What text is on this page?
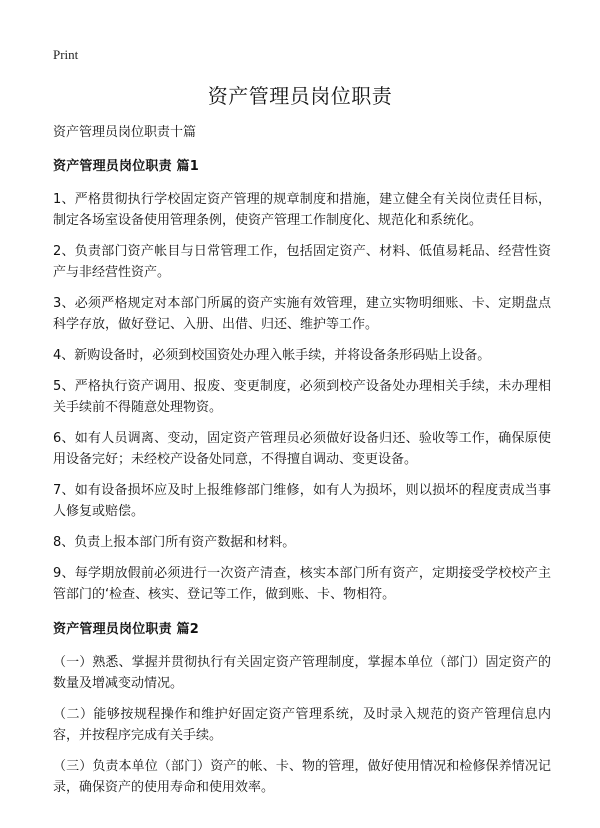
Print
资产管理员岗位职责
资产管理员岗位职责十篇
资产管理员岗位职责 篇1

1、严格贯彻执行学校固定资产管理的规章制度和措施，建立健全有关岗位责任目标，制定各场室设备使用管理条例，使资产管理工作制度化、规范化和系统化。

2、负责部门资产帐目与日常管理工作，包括固定资产、材料、低值易耗品、经营性资产与非经营性资产。

3、必须严格规定对本部门所属的资产实施有效管理，建立实物明细账、卡、定期盘点科学存放，做好登记、入册、出借、归还、维护等工作。

4、新购设备时，必须到校国资处办理入帐手续，并将设备条形码贴上设备。

5、严格执行资产调用、报废、变更制度，必须到校产设备处办理相关手续，未办理相关手续前不得随意处理物资。

6、如有人员调离、变动，固定资产管理员必须做好设备归还、验收等工作，确保原使用设备完好；未经校产设备处同意，不得擅自调动、变更设备。

7、如有设备损坏应及时上报维修部门维修，如有人为损坏，则以损坏的程度责成当事人修复或赔偿。

8、负责上报本部门所有资产数据和材料。

9、每学期放假前必须进行一次资产清查，核实本部门所有资产，定期接受学校校产主管部门的‘检查、核实、登记等工作，做到账、卡、物相符。

资产管理员岗位职责 篇2

（一）熟悉、掌握并贯彻执行有关固定资产管理制度，掌握本单位（部门）固定资产的数量及增减变动情况。

（二）能够按规程操作和维护好固定资产管理系统，及时录入规范的资产管理信息内容，并按程序完成有关手续。

（三）负责本单位（部门）资产的帐、卡、物的管理，做好使用情况和检修保养情况记录，确保资产的使用寿命和使用效率。
